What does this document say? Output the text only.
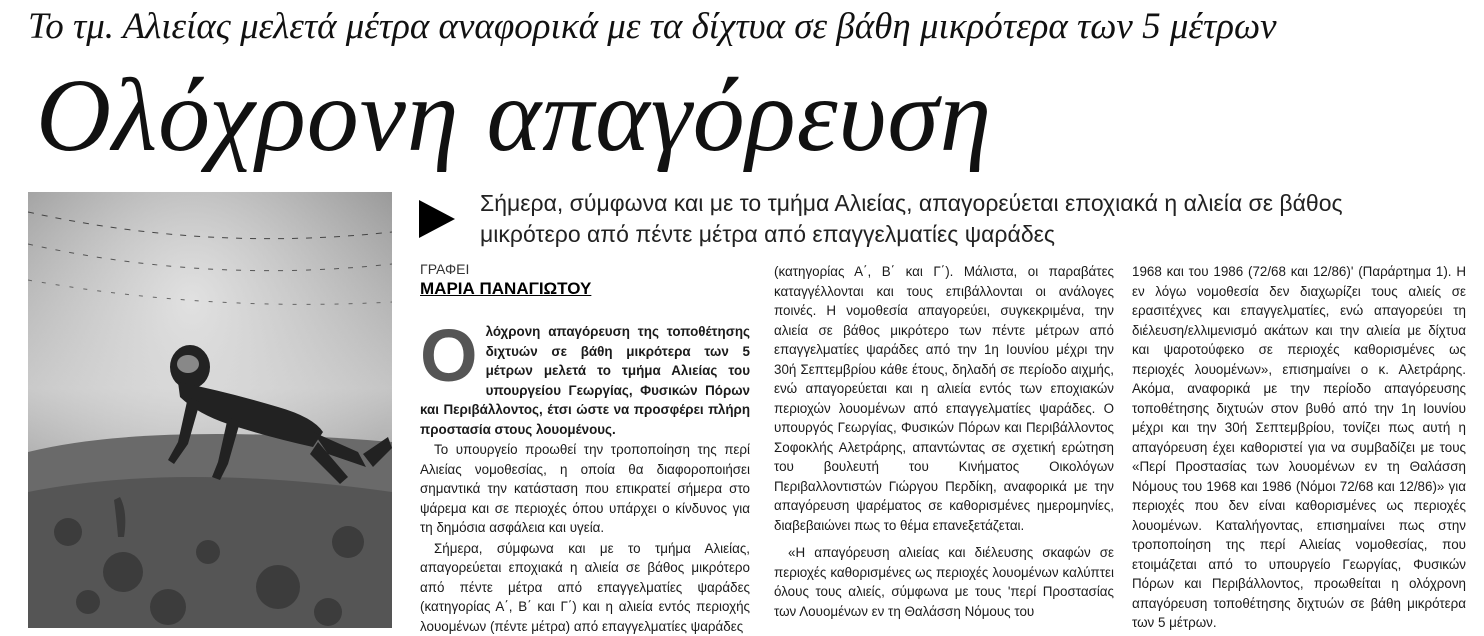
Το τμ. Αλιείας μελετά μέτρα αναφορικά με τα δίχτυα σε βάθη μικρότερα των 5 μέτρων
Ολόχρονη απαγόρευση
Σήμερα, σύμφωνα και με το τμήμα Αλιείας, απαγορεύεται εποχιακά η αλιεία σε βάθος μικρότερο από πέντε μέτρα από επαγγελματίες ψαράδες
ΓΡΑΦΕΙ
ΜΑΡΙΑ ΠΑΝΑΓΙΩΤΟΥ

Ολόχρονη απαγόρευση της τοποθέτησης διχτυών σε βάθη μικρότερα των 5 μέτρων μελετά το τμήμα Αλιείας του υπουργείου Γεωργίας, Φυσικών Πόρων και Περιβάλλοντος, έτσι ώστε να προσφέρει πλήρη προστασία στους λουομένους.

Το υπουργείο προωθεί την τροποποίηση της περί Αλιείας νομοθεσίας, η οποία θα διαφοροποιήσει σημαντικά την κατάσταση που επικρατεί σήμερα στο ψάρεμα και σε περιοχές όπου υπάρχει ο κίνδυνος για τη δημόσια ασφάλεια και υγεία.

Σήμερα, σύμφωνα και με το τμήμα Αλιείας, απαγορεύεται εποχιακά η αλιεία σε βάθος μικρότερο από πέντε μέτρα από επαγγελματίες ψαράδες (κατηγορίας Α΄, Β΄ και Γ΄) και η αλιεία εντός περιοχής λουομένων (πέντε μέτρα) από επαγγελματίες ψαράδες

(κατηγορίας Α΄, Β΄ και Γ΄). Μάλιστα, οι παραβάτες καταγγέλλονται και τους επιβάλλονται οι ανάλογες ποινές. Η νομοθεσία απαγορεύει, συγκεκριμένα, την αλιεία σε βάθος μικρότερο των πέντε μέτρων από επαγγελματίες ψαράδες από την 1η Ιουνίου μέχρι την 30ή Σεπτεμβρίου κάθε έτους, δηλαδή σε περίοδο αιχμής, ενώ απαγορεύεται και η αλιεία εντός των εποχιακών περιοχών λουομένων από επαγγελματίες ψαράδες. Ο υπουργός Γεωργίας, Φυσικών Πόρων και Περιβάλλοντος Σοφοκλής Αλετράρης, απαντώντας σε σχετική ερώτηση του βουλευτή του Κινήματος Οικολόγων Περιβαλλοντιστών Γιώργου Περδίκη, αναφορικά με την απαγόρευση ψαρέματος σε καθορισμένες ημερομηνίες, διαβεβαιώνει πως το θέμα επανεξετάζεται.

«Η απαγόρευση αλιείας και διέλευσης σκαφών σε περιοχές καθορισμένες ως περιοχές λουομένων καλύπτει όλους τους αλιείς, σύμφωνα με τους 'περί Προστασίας των Λουομένων εν τη Θαλάσση Νόμους του

1968 και του 1986 (72/68 και 12/86)' (Παράρτημα 1). Η εν λόγω νομοθεσία δεν διαχωρίζει τους αλιείς σε ερασιτέχνες και επαγγελματίες, ενώ απαγορεύει τη διέλευση/ελλιμενισμό ακάτων και την αλιεία με δίχτυα και ψαροτούφεκο σε περιοχές καθορισμένες ως περιοχές λουομένων», επισημαίνει ο κ. Αλετράρης. Ακόμα, αναφορικά με την περίοδο απαγόρευσης τοποθέτησης διχτυών στον βυθό από την 1η Ιουνίου μέχρι και την 30ή Σεπτεμβρίου, τονίζει πως αυτή η απαγόρευση έχει καθοριστεί για να συμβαδίζει με τους «Περί Προστασίας των λουομένων εν τη Θαλάσση Νόμους του 1968 και 1986 (Νόμοι 72/68 και 12/86)» για περιοχές που δεν είναι καθορισμένες ως περιοχές λουομένων. Καταλήγοντας, επισημαίνει πως στην τροποποίηση της περί Αλιείας νομοθεσίας, που ετοιμάζεται από το υπουργείο Γεωργίας, Φυσικών Πόρων και Περιβάλλοντος, προωθείται η ολόχρονη απαγόρευση τοποθέτησης διχτυών σε βάθη μικρότερα των 5 μέτρων.
